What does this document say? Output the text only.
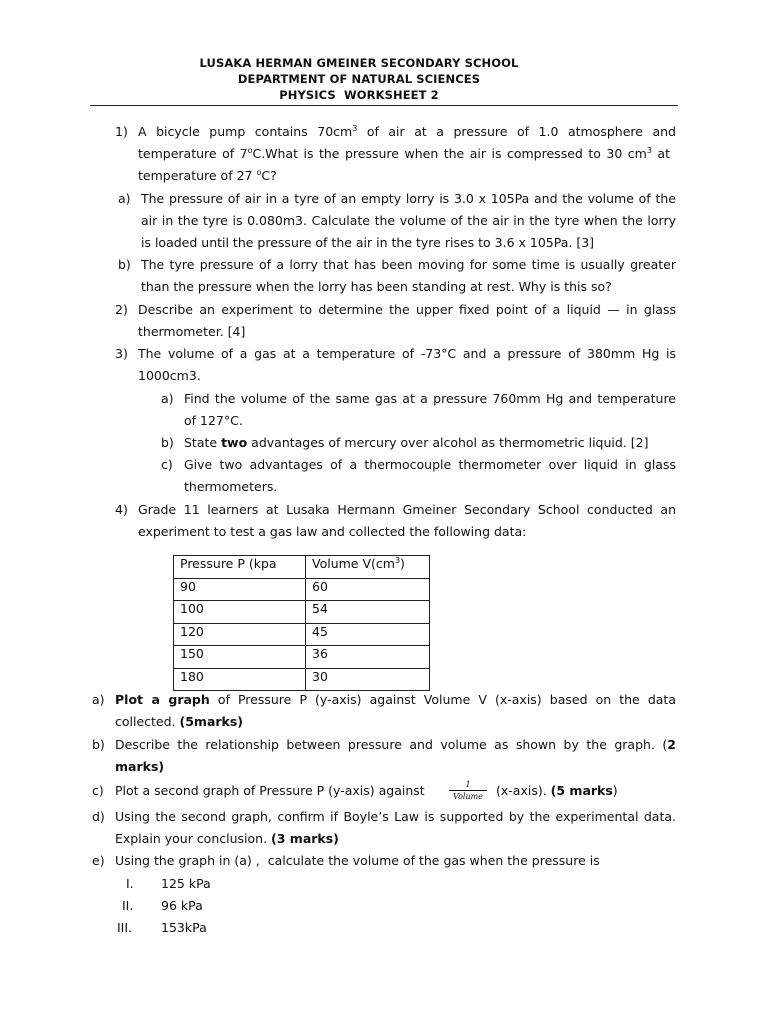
LUSAKA HERMAN GMEINER SECONDARY SCHOOL
DEPARTMENT OF NATURAL SCIENCES
PHYSICS  WORKSHEET 2
1) A bicycle pump contains $70cm^3$ of air at a pressure of 1.0 atmosphere and
temperature of 7$^o$C.What is the pressure when the air is compressed to 30 $cm^3$ at
temperature of 27 $^o$C?
a) The pressure of air in a tyre of an empty lorry is 3.0 x 105Pa and the volume of the
air in the tyre is 0.080m3. Calculate the volume of the air in the tyre when the lorry
is loaded until the pressure of the air in the tyre rises to 3.6 x 105Pa. [3]
b) The tyre pressure of a lorry that has been moving for some time is usually greater
than the pressure when the lorry has been standing at rest. Why is this so?
2) Describe an experiment to determine the upper fixed point of a liquid — in glass
thermometer. [4]
3) The volume of a gas at a temperature of -73°C and a pressure of 380mm Hg is
1000cm3.
a) Find the volume of the same gas at a pressure 760mm Hg and temperature
of 127°C.
b) State two advantages of mercury over alcohol as thermometric liquid. [2]
c) Give two advantages of a thermocouple thermometer over liquid in glass
thermometers.
4) Grade 11 learners at Lusaka Hermann Gmeiner Secondary School conducted an
experiment to test a gas law and collected the following data:
Pressure P (kpa	Volume $V(cm^3)$
90	60
100	54
120	45
150	36
180	30
a) Plot a graph of Pressure P (y-axis) against Volume V (x-axis) based on the data
collected. (5marks)
b) Describe the relationship between pressure and volume as shown by the graph. (2
marks)
c) Plot a second graph of Pressure P (y-axis) against	1
Volume	(x-axis). (5 marks)
d) Using the second graph, confirm if Boyle’s Law is supported by the experimental data.
Explain your conclusion. (3 marks)
e) Using the graph in (a) ,  calculate the volume of the gas when the pressure is
I. 125 kPa
II. 96 kPa
III. 153kPa
